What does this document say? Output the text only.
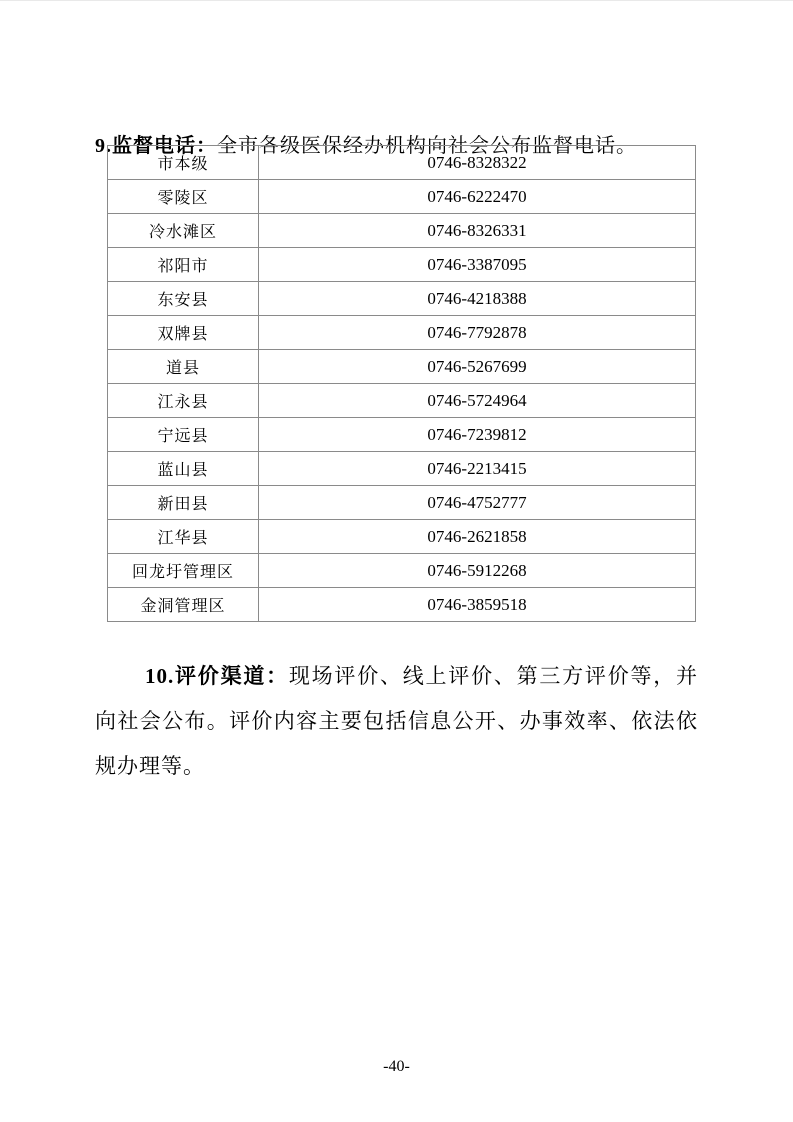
9.监督电话：全市各级医保经办机构向社会公布监督电话。

市本级	0746-8328322
零陵区	0746-6222470
冷水滩区	0746-8326331
祁阳市	0746-3387095
东安县	0746-4218388
双牌县	0746-7792878
道县	0746-5267699
江永县	0746-5724964
宁远县	0746-7239812
蓝山县	0746-2213415
新田县	0746-4752777
江华县	0746-2621858
回龙圩管理区	0746-5912268
金洞管理区	0746-3859518

10.评价渠道：现场评价、线上评价、第三方评价等，并向社会公布。评价内容主要包括信息公开、办事效率、依法依规办理等。

-40-
